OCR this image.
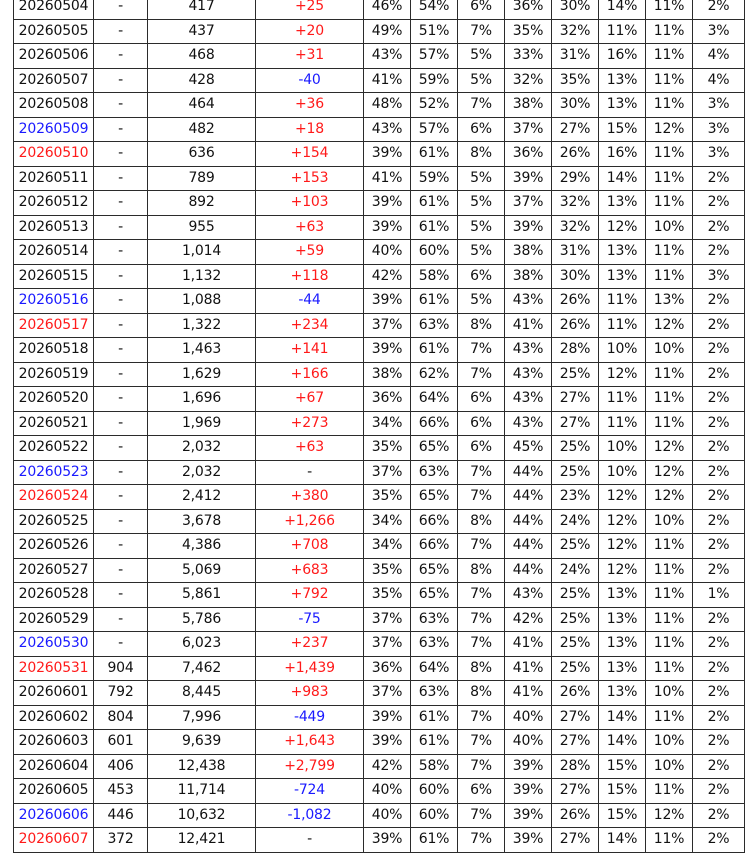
20260504	-	417	+25	46%	54%	6%	36%	30%	14%	11%	2%
20260505	-	437	+20	49%	51%	7%	35%	32%	11%	11%	3%
20260506	-	468	+31	43%	57%	5%	33%	31%	16%	11%	4%
20260507	-	428	-40	41%	59%	5%	32%	35%	13%	11%	4%
20260508	-	464	+36	48%	52%	7%	38%	30%	13%	11%	3%
20260509	-	482	+18	43%	57%	6%	37%	27%	15%	12%	3%
20260510	-	636	+154	39%	61%	8%	36%	26%	16%	11%	3%
20260511	-	789	+153	41%	59%	5%	39%	29%	14%	11%	2%
20260512	-	892	+103	39%	61%	5%	37%	32%	13%	11%	2%
20260513	-	955	+63	39%	61%	5%	39%	32%	12%	10%	2%
20260514	-	1,014	+59	40%	60%	5%	38%	31%	13%	11%	2%
20260515	-	1,132	+118	42%	58%	6%	38%	30%	13%	11%	3%
20260516	-	1,088	-44	39%	61%	5%	43%	26%	11%	13%	2%
20260517	-	1,322	+234	37%	63%	8%	41%	26%	11%	12%	2%
20260518	-	1,463	+141	39%	61%	7%	43%	28%	10%	10%	2%
20260519	-	1,629	+166	38%	62%	7%	43%	25%	12%	11%	2%
20260520	-	1,696	+67	36%	64%	6%	43%	27%	11%	11%	2%
20260521	-	1,969	+273	34%	66%	6%	43%	27%	11%	11%	2%
20260522	-	2,032	+63	35%	65%	6%	45%	25%	10%	12%	2%
20260523	-	2,032	-	37%	63%	7%	44%	25%	10%	12%	2%
20260524	-	2,412	+380	35%	65%	7%	44%	23%	12%	12%	2%
20260525	-	3,678	+1,266	34%	66%	8%	44%	24%	12%	10%	2%
20260526	-	4,386	+708	34%	66%	7%	44%	25%	12%	11%	2%
20260527	-	5,069	+683	35%	65%	8%	44%	24%	12%	11%	2%
20260528	-	5,861	+792	35%	65%	7%	43%	25%	13%	11%	1%
20260529	-	5,786	-75	37%	63%	7%	42%	25%	13%	11%	2%
20260530	-	6,023	+237	37%	63%	7%	41%	25%	13%	11%	2%
20260531	904	7,462	+1,439	36%	64%	8%	41%	25%	13%	11%	2%
20260601	792	8,445	+983	37%	63%	8%	41%	26%	13%	10%	2%
20260602	804	7,996	-449	39%	61%	7%	40%	27%	14%	11%	2%
20260603	601	9,639	+1,643	39%	61%	7%	40%	27%	14%	10%	2%
20260604	406	12,438	+2,799	42%	58%	7%	39%	28%	15%	10%	2%
20260605	453	11,714	-724	40%	60%	6%	39%	27%	15%	11%	2%
20260606	446	10,632	-1,082	40%	60%	7%	39%	26%	15%	12%	2%
20260607	372	12,421	-	39%	61%	7%	39%	27%	14%	11%	2%
